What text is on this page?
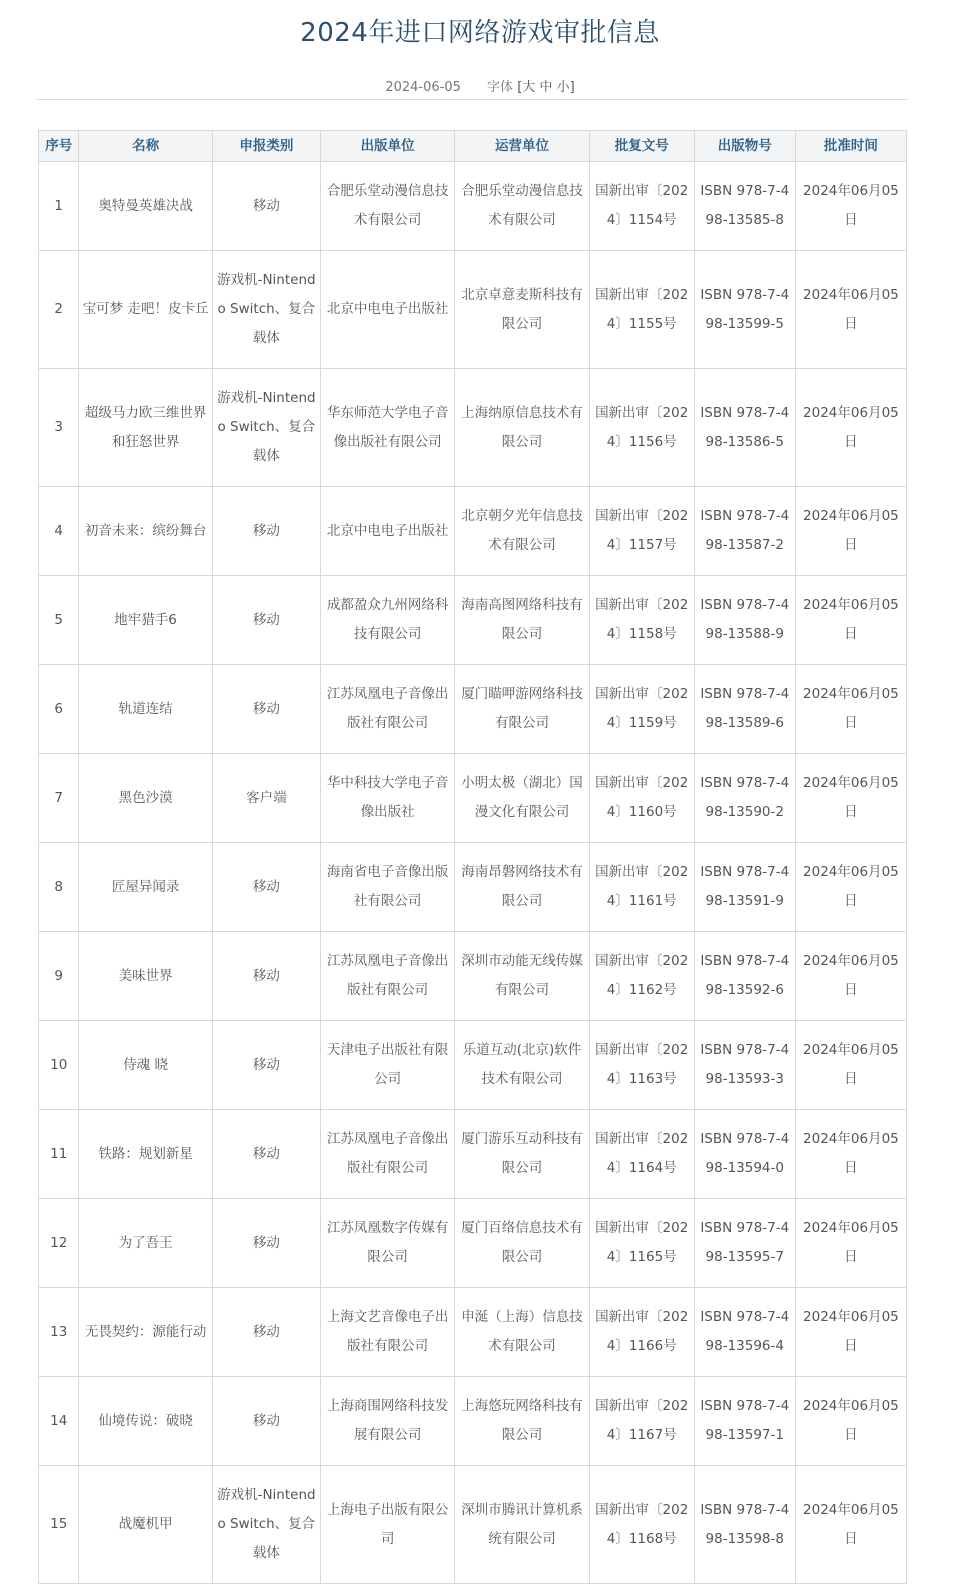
2024年进口网络游戏审批信息
2024-06-05 字体 [大 中 小]
序号	名称	申报类别	出版单位	运营单位	批复文号	出版物号	批准时间
1	奥特曼英雄决战	移动	合肥乐堂动漫信息技术有限公司	合肥乐堂动漫信息技术有限公司	国新出审〔2024〕1154号	ISBN 978-7-498-13585-8	2024年06月05日
2	宝可梦 走吧！皮卡丘	游戏机-Nintendo Switch、复合载体	北京中电电子出版社	北京卓意麦斯科技有限公司	国新出审〔2024〕1155号	ISBN 978-7-498-13599-5	2024年06月05日
3	超级马力欧三维世界和狂怒世界	游戏机-Nintendo Switch、复合载体	华东师范大学电子音像出版社有限公司	上海纳原信息技术有限公司	国新出审〔2024〕1156号	ISBN 978-7-498-13586-5	2024年06月05日
4	初音未来：缤纷舞台	移动	北京中电电子出版社	北京朝夕光年信息技术有限公司	国新出审〔2024〕1157号	ISBN 978-7-498-13587-2	2024年06月05日
5	地牢猎手6	移动	成都盈众九州网络科技有限公司	海南高图网络科技有限公司	国新出审〔2024〕1158号	ISBN 978-7-498-13588-9	2024年06月05日
6	轨道连结	移动	江苏凤凰电子音像出版社有限公司	厦门瞄呷游网络科技有限公司	国新出审〔2024〕1159号	ISBN 978-7-498-13589-6	2024年06月05日
7	黑色沙漠	客户端	华中科技大学电子音像出版社	小明太极（湖北）国漫文化有限公司	国新出审〔2024〕1160号	ISBN 978-7-498-13590-2	2024年06月05日
8	匠屋异闻录	移动	海南省电子音像出版社有限公司	海南昂磐网络技术有限公司	国新出审〔2024〕1161号	ISBN 978-7-498-13591-9	2024年06月05日
9	美味世界	移动	江苏凤凰电子音像出版社有限公司	深圳市动能无线传媒有限公司	国新出审〔2024〕1162号	ISBN 978-7-498-13592-6	2024年06月05日
10	侍魂 晓	移动	天津电子出版社有限公司	乐道互动(北京)软件技术有限公司	国新出审〔2024〕1163号	ISBN 978-7-498-13593-3	2024年06月05日
11	铁路：规划新星	移动	江苏凤凰电子音像出版社有限公司	厦门游乐互动科技有限公司	国新出审〔2024〕1164号	ISBN 978-7-498-13594-0	2024年06月05日
12	为了吾王	移动	江苏凤凰数字传媒有限公司	厦门百络信息技术有限公司	国新出审〔2024〕1165号	ISBN 978-7-498-13595-7	2024年06月05日
13	无畏契约：源能行动	移动	上海文艺音像电子出版社有限公司	申涎（上海）信息技术有限公司	国新出审〔2024〕1166号	ISBN 978-7-498-13596-4	2024年06月05日
14	仙境传说：破晓	移动	上海商围网络科技发展有限公司	上海悠玩网络科技有限公司	国新出审〔2024〕1167号	ISBN 978-7-498-13597-1	2024年06月05日
15	战魔机甲	游戏机-Nintendo Switch、复合载体	上海电子出版有限公司	深圳市腾讯计算机系统有限公司	国新出审〔2024〕1168号	ISBN 978-7-498-13598-8	2024年06月05日
